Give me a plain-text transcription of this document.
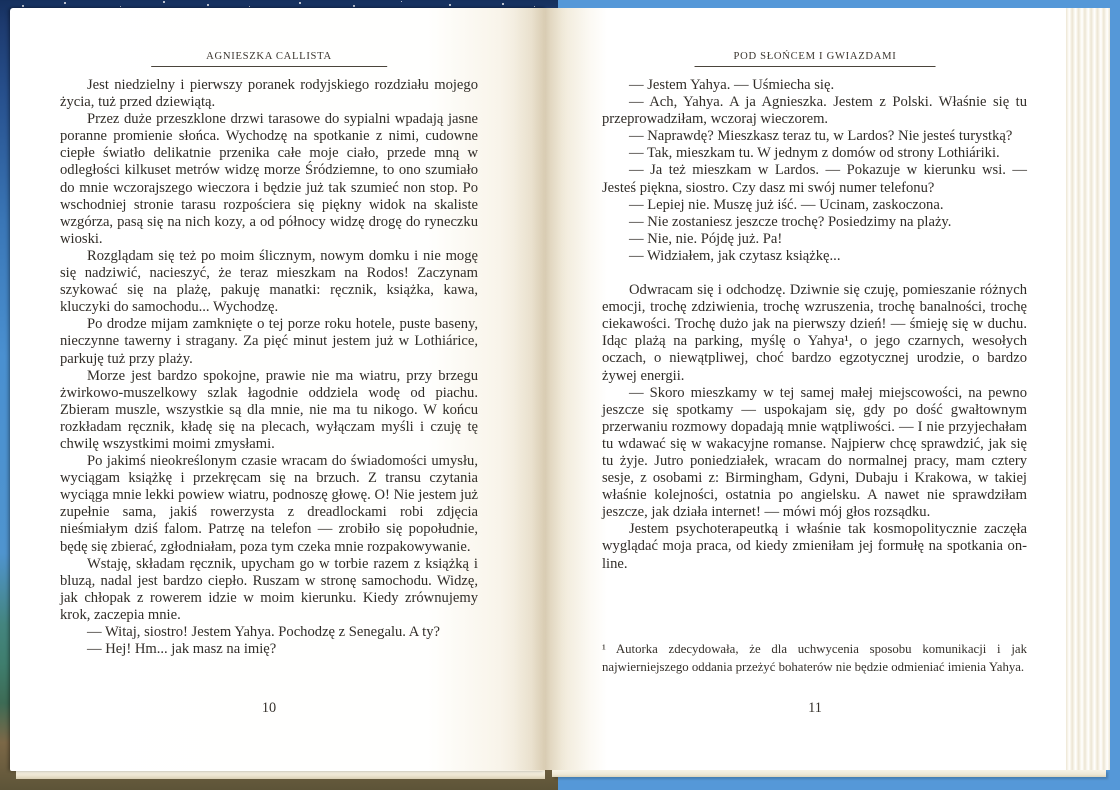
AGNIESZKA CALLISTA

Jest niedzielny i pierwszy poranek rodyjskiego rozdziału mojego życia, tuż przed dziewiątą.

Przez duże przeszklone drzwi tarasowe do sypialni wpadają jasne poranne promienie słońca. Wychodzę na spotkanie z nimi, cudowne ciepłe światło delikatnie przenika całe moje ciało, przede mną w odległości kilkuset metrów widzę morze Śródziemne, to ono szumiało do mnie wczorajszego wieczora i będzie już tak szumieć non stop. Po wschodniej stronie tarasu rozpościera się piękny widok na skaliste wzgórza, pasą się na nich kozy, a od północy widzę drogę do ryneczku wioski.

Rozglądam się też po moim ślicznym, nowym domku i nie mogę się nadziwić, nacieszyć, że teraz mieszkam na Rodos! Zaczynam szykować się na plażę, pakuję manatki: ręcznik, książka, kawa, kluczyki do samochodu... Wychodzę.

Po drodze mijam zamknięte o tej porze roku hotele, puste baseny, nieczynne tawerny i stragany. Za pięć minut jestem już w Lothiárice, parkuję tuż przy plaży.

Morze jest bardzo spokojne, prawie nie ma wiatru, przy brzegu żwirkowo-muszelkowy szlak łagodnie oddziela wodę od piachu. Zbieram muszle, wszystkie są dla mnie, nie ma tu nikogo. W końcu rozkładam ręcznik, kładę się na plecach, wyłączam myśli i czuję tę chwilę wszystkimi moimi zmysłami.

Po jakimś nieokreślonym czasie wracam do świadomości umysłu, wyciągam książkę i przekręcam się na brzuch. Z transu czytania wyciąga mnie lekki powiew wiatru, podnoszę głowę. O! Nie jestem już zupełnie sama, jakiś rowerzysta z dreadlockami robi zdjęcia nieśmiałym dziś falom. Patrzę na telefon — zrobiło się popołudnie, będę się zbierać, zgłodniałam, poza tym czeka mnie rozpakowywanie.

Wstaję, składam ręcznik, upycham go w torbie razem z książką i bluzą, nadal jest bardzo ciepło. Ruszam w stronę samochodu. Widzę, jak chłopak z rowerem idzie w moim kierunku. Kiedy zrównujemy krok, zaczepia mnie.

— Witaj, siostro! Jestem Yahya. Pochodzę z Senegalu. A ty?

— Hej! Hm... jak masz na imię?

10
POD SŁOŃCEM I GWIAZDAMI

— Jestem Yahya. — Uśmiecha się.

— Ach, Yahya. A ja Agnieszka. Jestem z Polski. Właśnie się tu przeprowadziłam, wczoraj wieczorem.

— Naprawdę? Mieszkasz teraz tu, w Lardos? Nie jesteś turystką?

— Tak, mieszkam tu. W jednym z domów od strony Lothiáriki.

— Ja też mieszkam w Lardos. — Pokazuje w kierunku wsi. — Jesteś piękna, siostro. Czy dasz mi swój numer telefonu?

— Lepiej nie. Muszę już iść. — Ucinam, zaskoczona.

— Nie zostaniesz jeszcze trochę? Posiedzimy na plaży.

— Nie, nie. Pójdę już. Pa!

— Widziałem, jak czytasz książkę...

Odwracam się i odchodzę. Dziwnie się czuję, pomieszanie różnych emocji, trochę zdziwienia, trochę wzruszenia, trochę banalności, trochę ciekawości. Trochę dużo jak na pierwszy dzień! — śmieję się w duchu. Idąc plażą na parking, myślę o Yahya¹, o jego czarnych, wesołych oczach, o niewątpliwej, choć bardzo egzotycznej urodzie, o bardzo żywej energii.

— Skoro mieszkamy w tej samej małej miejscowości, na pewno jeszcze się spotkamy — uspokajam się, gdy po dość gwałtownym przerwaniu rozmowy dopadają mnie wątpliwości. — I nie przyjechałam tu wdawać się w wakacyjne romanse. Najpierw chcę sprawdzić, jak się tu żyje. Jutro poniedziałek, wracam do normalnej pracy, mam cztery sesje, z osobami z: Birmingham, Gdyni, Dubaju i Krakowa, w takiej właśnie kolejności, ostatnia po angielsku. A nawet nie sprawdziłam jeszcze, jak działa internet! — mówi mój głos rozsądku.

Jestem psychoterapeutką i właśnie tak kosmopolitycznie zaczęła wyglądać moja praca, od kiedy zmieniłam jej formułę na spotkania on-line.

¹ Autorka zdecydowała, że dla uchwycenia sposobu komunikacji i jak najwierniejszego oddania przeżyć bohaterów nie będzie odmieniać imienia Yahya.
11
